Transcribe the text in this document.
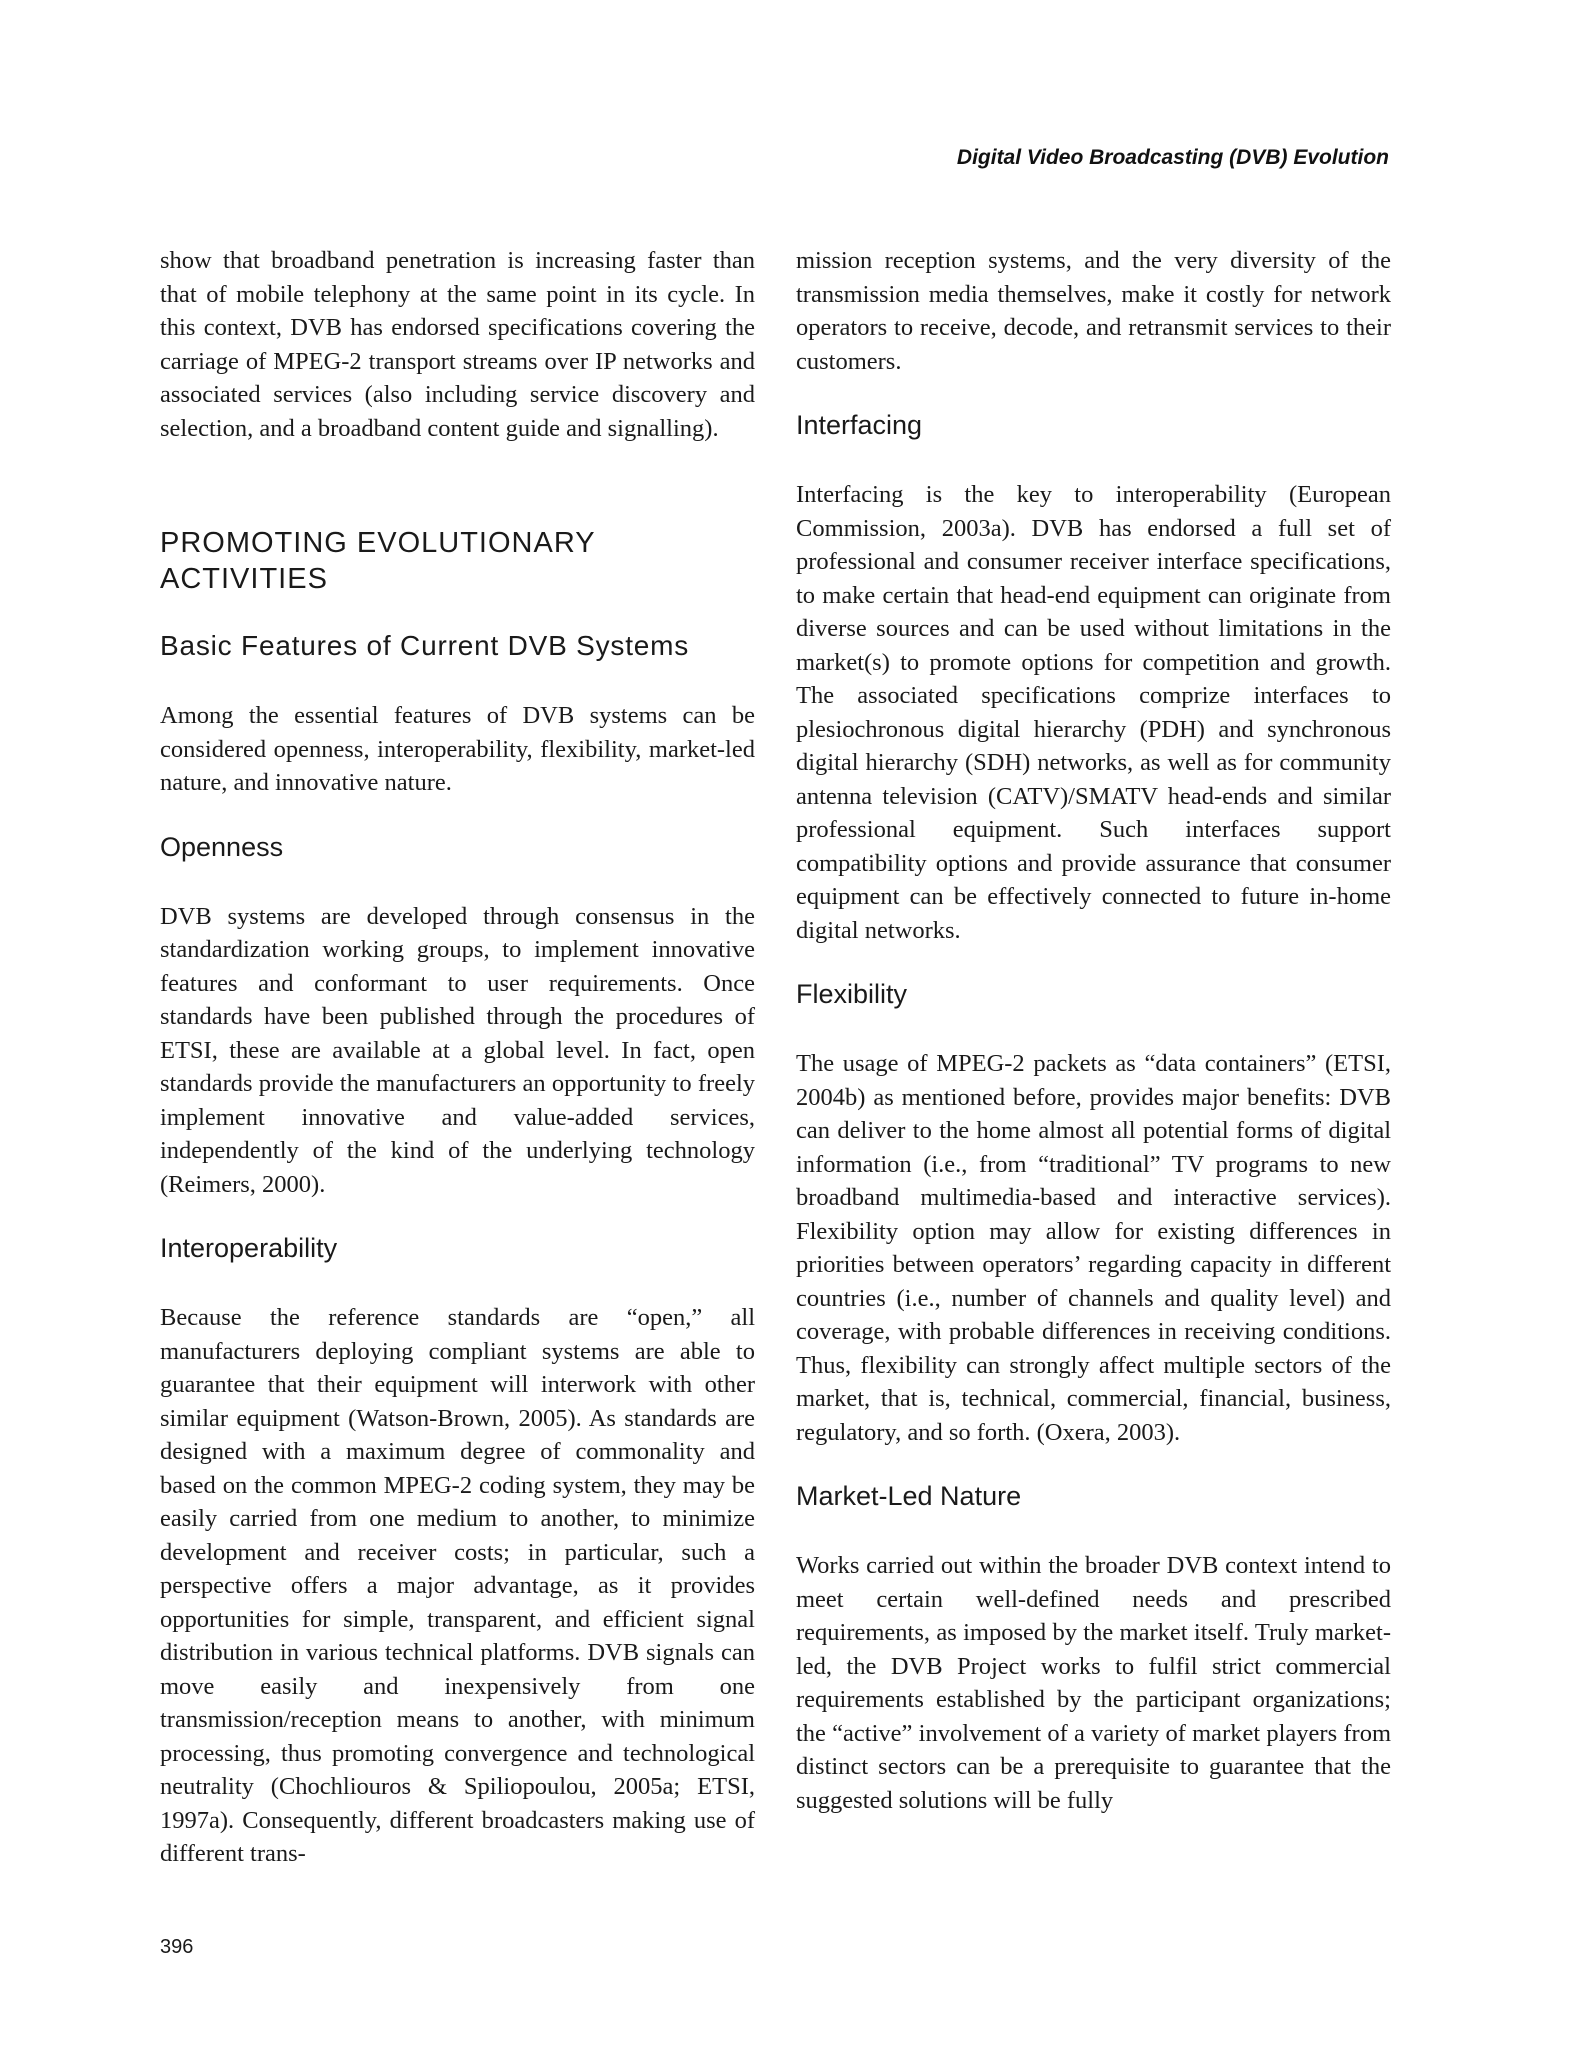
Digital Video Broadcasting (DVB) Evolution

show that broadband penetration is increasing faster than that of mobile telephony at the same point in its cycle. In this context, DVB has endorsed specifications covering the carriage of MPEG-2 transport streams over IP networks and associated services (also including service discovery and selection, and a broadband content guide and signalling).

PROMOTING EVOLUTIONARY ACTIVITIES
Basic Features of Current DVB Systems

Among the essential features of DVB systems can be considered openness, interoperability, flexibility, market-led nature, and innovative nature.

Openness

DVB systems are developed through consensus in the standardization working groups, to implement innovative features and conformant to user requirements. Once standards have been published through the procedures of ETSI, these are available at a global level. In fact, open standards provide the manufacturers an opportunity to freely implement innovative and value-added services, independently of the kind of the underlying technology (Reimers, 2000).

Interoperability

Because the reference standards are “open,” all manufacturers deploying compliant systems are able to guarantee that their equipment will interwork with other similar equipment (Watson-Brown, 2005). As standards are designed with a maximum degree of commonality and based on the common MPEG-2 coding system, they may be easily carried from one medium to another, to minimize development and receiver costs; in particular, such a perspective offers a major advantage, as it provides opportunities for simple, transparent, and efficient signal distribution in various technical platforms. DVB signals can move easily and inexpensively from one transmission/reception means to another, with minimum processing, thus promoting convergence and technological neutrality (Chochliouros & Spiliopoulou, 2005a; ETSI, 1997a). Consequently, different broadcasters making use of different trans-

mission reception systems, and the very diversity of the transmission media themselves, make it costly for network operators to receive, decode, and retransmit services to their customers.

Interfacing

Interfacing is the key to interoperability (European Commission, 2003a). DVB has endorsed a full set of professional and consumer receiver interface specifications, to make certain that head-end equipment can originate from diverse sources and can be used without limitations in the market(s) to promote options for competition and growth. The associated specifications comprize interfaces to plesiochronous digital hierarchy (PDH) and synchronous digital hierarchy (SDH) networks, as well as for community antenna television (CATV)/SMATV head-ends and similar professional equipment. Such interfaces support compatibility options and provide assurance that consumer equipment can be effectively connected to future in-home digital networks.

Flexibility

The usage of MPEG-2 packets as “data containers” (ETSI, 2004b) as mentioned before, provides major benefits: DVB can deliver to the home almost all potential forms of digital information (i.e., from “traditional” TV programs to new broadband multimedia-based and interactive services). Flexibility option may allow for existing differences in priorities between operators’ regarding capacity in different countries (i.e., number of channels and quality level) and coverage, with probable differences in receiving conditions. Thus, flexibility can strongly affect multiple sectors of the market, that is, technical, commercial, financial, business, regulatory, and so forth. (Oxera, 2003).

Market-Led Nature

Works carried out within the broader DVB context intend to meet certain well-defined needs and prescribed requirements, as imposed by the market itself. Truly market-led, the DVB Project works to fulfil strict commercial requirements established by the participant organizations; the “active” involvement of a variety of market players from distinct sectors can be a prerequisite to guarantee that the suggested solutions will be fully

396
